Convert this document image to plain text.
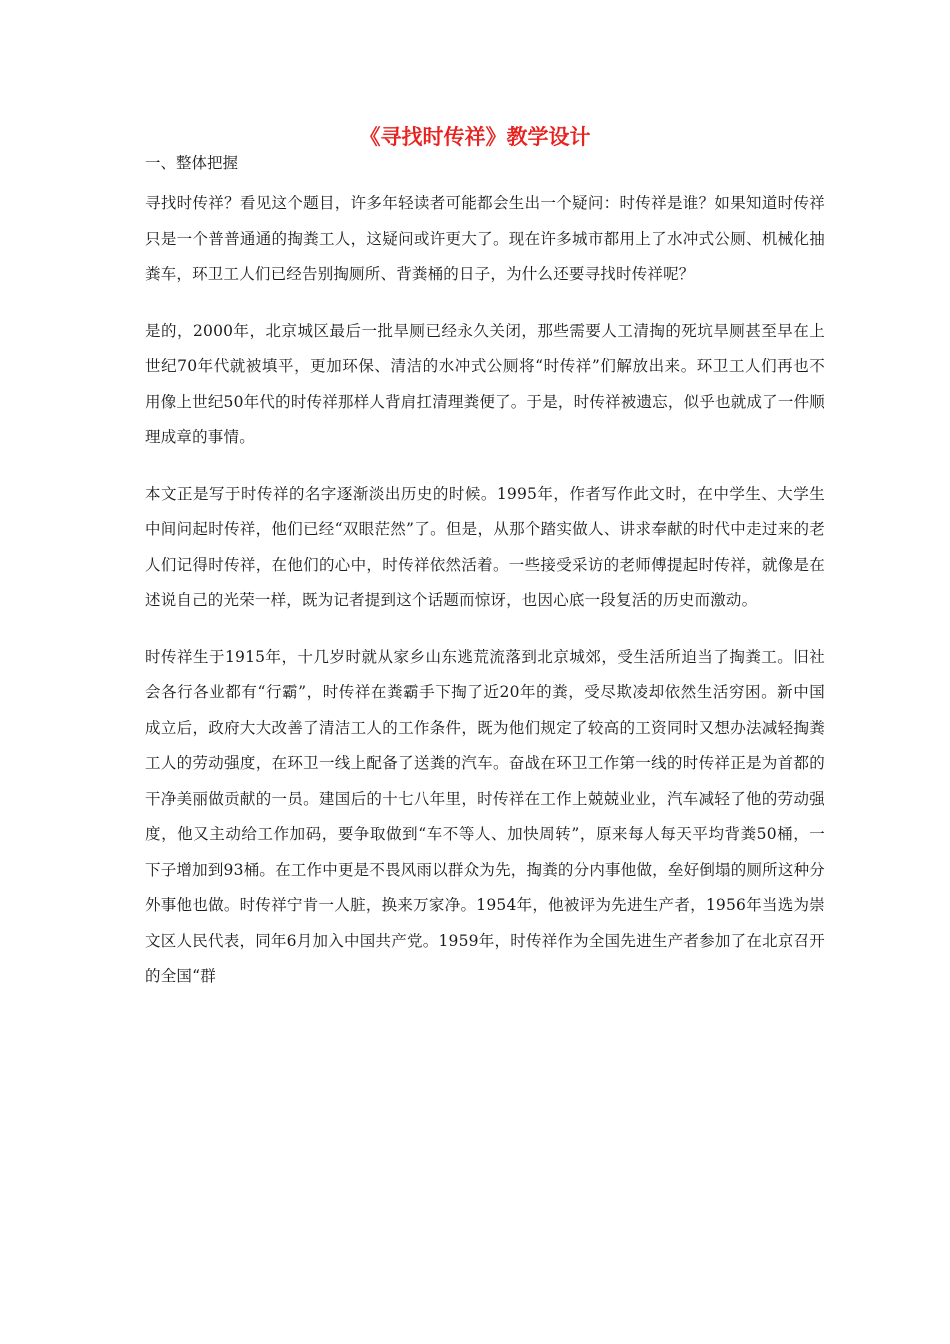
《寻找时传祥》教学设计
一、整体把握

寻找时传祥？看见这个题目，许多年轻读者可能都会生出一个疑问：时传祥是谁？如果知道时传祥只是一个普普通通的掏粪工人，这疑问或许更大了。现在许多城市都用上了水冲式公厕、机械化抽粪车，环卫工人们已经告别掏厕所、背粪桶的日子，为什么还要寻找时传祥呢？

是的，2000年，北京城区最后一批旱厕已经永久关闭，那些需要人工清掏的死坑旱厕甚至早在上世纪70年代就被填平，更加环保、清洁的水冲式公厕将“时传祥”们解放出来。环卫工人们再也不用像上世纪50年代的时传祥那样人背肩扛清理粪便了。于是，时传祥被遗忘，似乎也就成了一件顺理成章的事情。

本文正是写于时传祥的名字逐渐淡出历史的时候。1995年，作者写作此文时，在中学生、大学生中间问起时传祥，他们已经“双眼茫然”了。但是，从那个踏实做人、讲求奉献的时代中走过来的老人们记得时传祥，在他们的心中，时传祥依然活着。一些接受采访的老师傅提起时传祥，就像是在述说自己的光荣一样，既为记者提到这个话题而惊讶，也因心底一段复活的历史而激动。

时传祥生于1915年，十几岁时就从家乡山东逃荒流落到北京城郊，受生活所迫当了掏粪工。旧社会各行各业都有“行霸”，时传祥在粪霸手下掏了近20年的粪，受尽欺凌却依然生活穷困。新中国成立后，政府大大改善了清洁工人的工作条件，既为他们规定了较高的工资同时又想办法减轻掏粪工人的劳动强度，在环卫一线上配备了送粪的汽车。奋战在环卫工作第一线的时传祥正是为首都的干净美丽做贡献的一员。建国后的十七八年里，时传祥在工作上兢兢业业，汽车减轻了他的劳动强度，他又主动给工作加码，要争取做到“车不等人、加快周转”，原来每人每天平均背粪50桶，一下子增加到93桶。在工作中更是不畏风雨以群众为先，掏粪的分内事他做，垒好倒塌的厕所这种分外事他也做。时传祥宁肯一人脏，换来万家净。1954年，他被评为先进生产者，1956年当选为崇文区人民代表，同年6月加入中国共产党。1959年，时传祥作为全国先进生产者参加了在北京召开的全国“群
